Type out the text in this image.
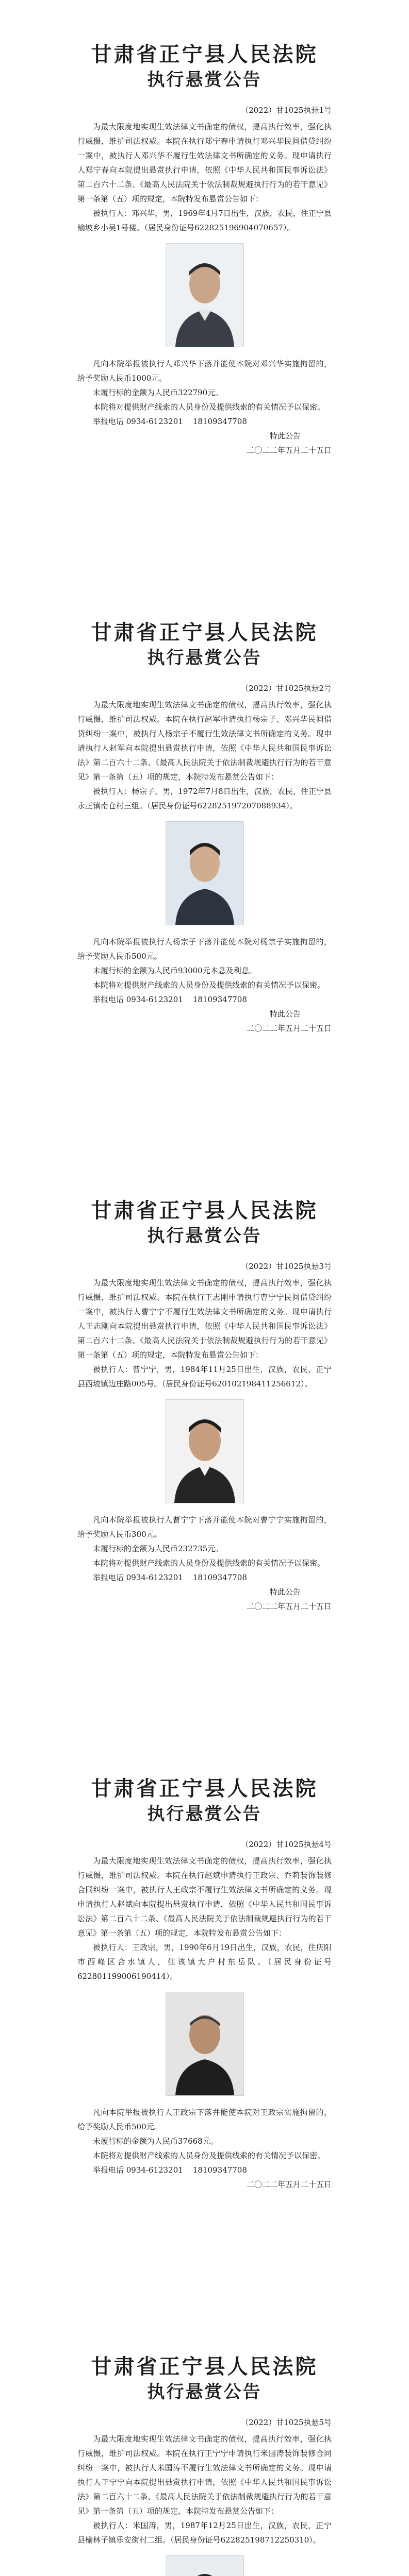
甘肃省正宁县人民法院
执行悬赏公告

（2022）甘1025执悬1号

为最大限度地实现生效法律文书确定的债权，提高执行效率，强化执行威慑，维护司法权威。本院在执行郑宁春申请执行邓兴华民间借贷纠纷一案中，被执行人邓兴华不履行生效法律文书所确定的义务。现申请执行人郑宁春向本院提出悬赏执行申请，依照《中华人民共和国民事诉讼法》第二百六十二条、《最高人民法院关于依法制裁规避执行行为的若干意见》第一条第（五）项的规定，本院特发布悬赏公告如下：

被执行人：邓兴华，男，1969年4月7日出生，汉族，农民，住正宁县榆坡乡小吴1号楼。（居民身份证号622825196904070657）。

凡向本院举报被执行人邓兴华下落并能使本院对邓兴华实施拘留的，给予奖励人民币1000元。

未履行标的金额为人民币322790元。

本院将对提供财产线索的人员身份及提供线索的有关情况予以保密。

举报电话 0934-6123201    18109347708

特此公告

二〇二二年五月二十五日

甘肃省正宁县人民法院
执行悬赏公告

（2022）甘1025执悬2号

为最大限度地实现生效法律文书确定的债权，提高执行效率，强化执行威慑，维护司法权威。本院在执行赵军申请执行杨宗子、邓兴华民间借贷纠纷一案中，被执行人杨宗子不履行生效法律文书所确定的义务。现申请执行人赵军向本院提出悬赏执行申请，依照《中华人民共和国民事诉讼法》第二百六十二条、《最高人民法院关于依法制裁规避执行行为的若干意见》第一条第（五）项的规定，本院特发布悬赏公告如下：

被执行人：杨宗子，男，1972年7月8日出生，汉族，农民，住正宁县永正镇南仓村三组。（居民身份证号622825197207088934）。

凡向本院举报被执行人杨宗子下落并能使本院对杨宗子实施拘留的，给予奖励人民币500元。

未履行标的金额为人民币93000元本息及利息。

本院将对提供财产线索的人员身份及提供线索的有关情况予以保密。

举报电话 0934-6123201    18109347708

特此公告

二〇二二年五月二十五日

甘肃省正宁县人民法院
执行悬赏公告

（2022）甘1025执悬3号

为最大限度地实现生效法律文书确定的债权，提高执行效率，强化执行威慑，维护司法权威。本院在执行王志刚申请执行曹宁宁民间借贷纠纷一案中，被执行人曹宁宁不履行生效法律文书所确定的义务。现申请执行人王志刚向本院提出悬赏执行申请，依照《中华人民共和国民事诉讼法》第二百六十二条、《最高人民法院关于依法制裁规避执行行为的若干意见》第一条第（五）项的规定，本院特发布悬赏公告如下：

被执行人：曹宁宁，男，1984年11月25日出生，汉族，农民，正宁县西坡镇边庄路005号。（居民身份证号620102198411256612）。

凡向本院举报被执行人曹宁宁下落并能使本院对曹宁宁实施拘留的，给予奖励人民币300元。

未履行标的金额为人民币232735元。

本院将对提供财产线索的人员身份及提供线索的有关情况予以保密。

举报电话 0934-6123201    18109347708

特此公告

二〇二二年五月二十五日

甘肃省正宁县人民法院
执行悬赏公告

（2022）甘1025执悬4号

为最大限度地实现生效法律文书确定的债权，提高执行效率，强化执行威慑，维护司法权威。本院在执行赵斌申请执行王政宗、乔莉装饰装修合同纠纷一案中，被执行人王政宗不履行生效法律文书所确定的义务。现申请执行人赵斌向本院提出悬赏执行申请，依照《中华人民共和国民事诉讼法》第二百六十二条、《最高人民法院关于依法制裁规避执行行为的若干意见》第一条第（五）项的规定，本院特发布悬赏公告如下：

被执行人：王政宗，男，1990年6月19日出生，汉族，农民，住庆阳市西峰区合水镇人，住该镇大户村东岳队。（居民身份证号622801199006190414）。

凡向本院举报被执行人王政宗下落并能使本院对王政宗实施拘留的，给予奖励人民币500元。

未履行标的金额为人民币37668元。

本院将对提供财产线索的人员身份及提供线索的有关情况予以保密。

举报电话 0934-6123201    18109347708

二〇二二年五月二十五日

甘肃省正宁县人民法院
执行悬赏公告

（2022）甘1025执悬5号

为最大限度地实现生效法律文书确定的债权，提高执行效率，强化执行威慑，维护司法权威。本院在执行王宁宁申请执行米国涛装饰装修合同纠纷一案中，被执行人米国涛不履行生效法律文书所确定的义务。现申请执行人王宁宁向本院提出悬赏执行申请，依照《中华人民共和国民事诉讼法》第二百六十二条、《最高人民法院关于依法制裁规避执行行为的若干意见》第一条第（五）项的规定，本院特发布悬赏公告如下：

被执行人：米国涛，男，1987年12月25日出生，汉族，农民，正宁县榆林子镇乐安街村二组。（居民身份证号622825198712250310）。
